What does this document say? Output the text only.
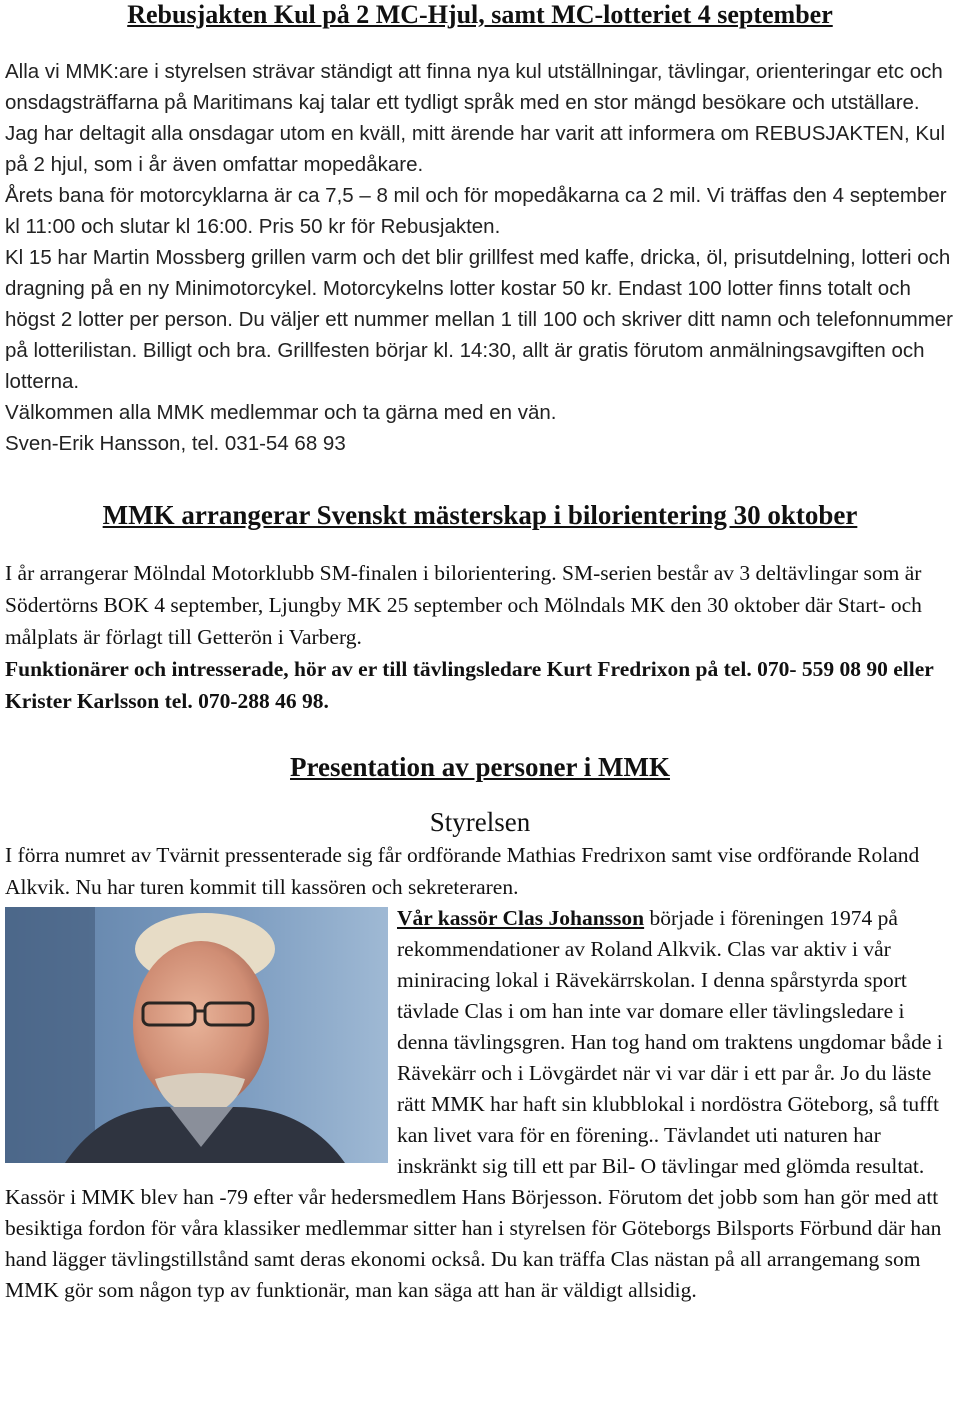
Rebusjakten Kul på 2 MC-Hjul, samt MC-lotteriet 4 september

Alla vi MMK:are i styrelsen strävar ständigt att finna nya kul utställningar, tävlingar, orienteringar etc och onsdagsträffarna på Maritimans kaj talar ett tydligt språk med en stor mängd besökare och utställare. Jag har deltagit alla onsdagar utom en kväll, mitt ärende har varit att informera om REBUSJAKTEN, Kul på 2 hjul, som i år även omfattar mopedåkare.

Årets bana för motorcyklarna är ca 7,5 – 8 mil och för mopedåkarna ca 2 mil. Vi träffas den 4 september kl 11:00 och slutar kl 16:00. Pris 50 kr för Rebusjakten.

Kl 15 har Martin Mossberg grillen varm och det blir grillfest med kaffe, dricka, öl, prisutdelning, lotteri och dragning på en ny Minimotorcykel. Motorcykelns lotter kostar 50 kr. Endast 100 lotter finns totalt och högst 2 lotter per person. Du väljer ett nummer mellan 1 till 100 och skriver ditt namn och telefonnummer på lotterilistan. Billigt och bra. Grillfesten börjar kl. 14:30, allt är gratis förutom anmälningsavgiften och lotterna.

Välkommen alla MMK medlemmar och ta gärna med en vän.

Sven-Erik Hansson, tel. 031-54 68 93

MMK arrangerar Svenskt mästerskap i bilorientering 30 oktober

I år arrangerar Mölndal Motorklubb SM-finalen i bilorientering. SM-serien består av 3 deltävlingar som är Södertörns BOK 4 september, Ljungby MK 25 september och Mölndals MK den 30 oktober där Start- och målplats är förlagt till Getterön i Varberg.

Funktionärer och intresserade, hör av er till tävlingsledare Kurt Fredrixon på tel. 070- 559 08 90 eller Krister Karlsson tel. 070-288 46 98.

Presentation av personer i MMK
Styrelsen

I förra numret av Tvärnit pressenterade sig får ordförande Mathias Fredrixon samt vise ordförande Roland Alkvik. Nu har turen kommit till kassören och sekreteraren.

Vår kassör Clas Johansson började i föreningen 1974 på rekommendationer av Roland Alkvik. Clas var aktiv i vår miniracing lokal i Rävekärrskolan. I denna spårstyrda sport tävlade Clas i om han inte var domare eller tävlingsledare i denna tävlingsgren. Han tog hand om traktens ungdomar både i Rävekärr och i Lövgärdet när vi var där i ett par år. Jo du läste rätt MMK har haft sin klubblokal i nordöstra Göteborg, så tufft kan livet vara för en förening.. Tävlandet uti naturen har inskränkt sig till ett par Bil- O tävlingar med glömda resultat.

Kassör i MMK blev han -79 efter vår hedersmedlem Hans Börjesson. Förutom det jobb som han gör med att besiktiga fordon för våra klassiker medlemmar sitter han i styrelsen för Göteborgs Bilsports Förbund där han hand lägger tävlingstillstånd samt deras ekonomi också. Du kan träffa Clas nästan på all arrangemang som MMK gör som någon typ av funktionär, man kan säga att han är väldigt allsidig.
